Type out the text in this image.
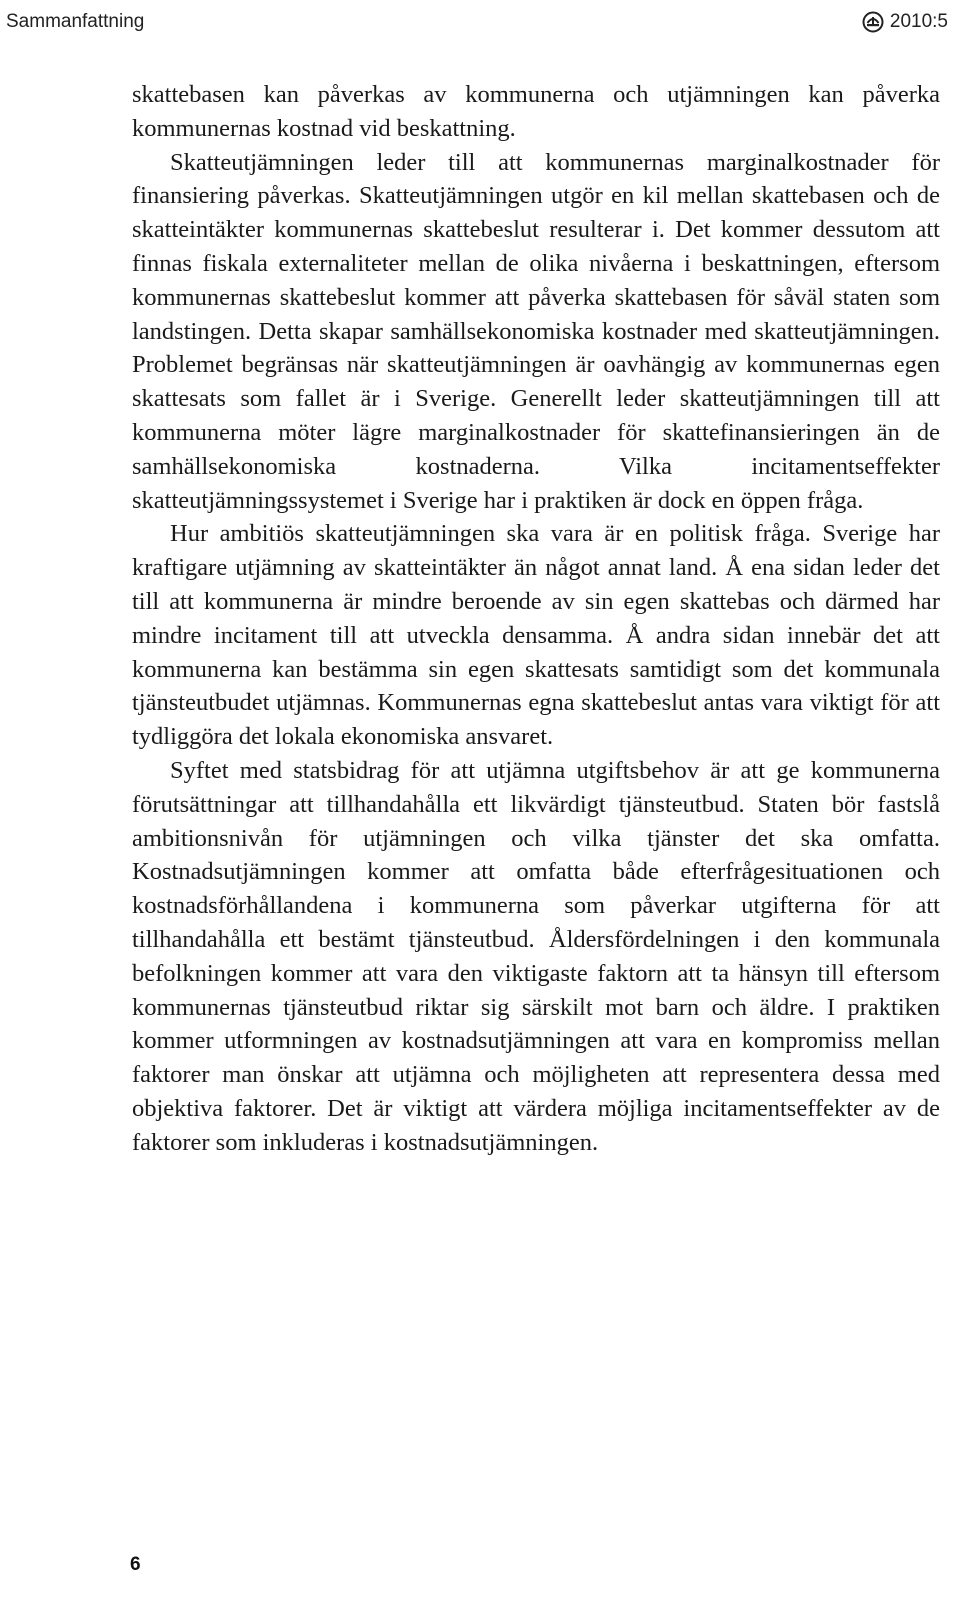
Sammanfattning	2010:5

skattebasen kan påverkas av kommunerna och utjämningen kan påverka kommunernas kostnad vid beskattning.

Skatteutjämningen leder till att kommunernas marginalkostnader för finansiering påverkas. Skatteutjämningen utgör en kil mellan skattebasen och de skatteintäkter kommunernas skattebeslut resulterar i. Det kommer dessutom att finnas fiskala externaliteter mellan de olika nivåerna i beskattningen, eftersom kommunernas skattebeslut kommer att påverka skattebasen för såväl staten som landstingen. Detta skapar samhällsekonomiska kostnader med skatteutjämningen. Problemet begränsas när skatteutjämningen är oavhängig av kommunernas egen skattesats som fallet är i Sverige. Generellt leder skatteutjämningen till att kommunerna möter lägre marginalkostnader för skattefinansieringen än de samhällsekonomiska kostnaderna. Vilka incitamentseffekter skatteutjämningssystemet i Sverige har i praktiken är dock en öppen fråga.

Hur ambitiös skatteutjämningen ska vara är en politisk fråga. Sverige har kraftigare utjämning av skatteintäkter än något annat land. Å ena sidan leder det till att kommunerna är mindre beroende av sin egen skattebas och därmed har mindre incitament till att utveckla densamma. Å andra sidan innebär det att kommunerna kan bestämma sin egen skattesats samtidigt som det kommunala tjänsteutbudet utjämnas. Kommunernas egna skattebeslut antas vara viktigt för att tydliggöra det lokala ekonomiska ansvaret.

Syftet med statsbidrag för att utjämna utgiftsbehov är att ge kommunerna förutsättningar att tillhandahålla ett likvärdigt tjänsteutbud. Staten bör fastslå ambitionsnivån för utjämningen och vilka tjänster det ska omfatta. Kostnadsutjämningen kommer att omfatta både efterfrågesituationen och kostnadsförhållandena i kommunerna som påverkar utgifterna för att tillhandahålla ett bestämt tjänsteutbud. Åldersfördelningen i den kommunala befolkningen kommer att vara den viktigaste faktorn att ta hänsyn till eftersom kommunernas tjänsteutbud riktar sig särskilt mot barn och äldre. I praktiken kommer utformningen av kostnadsutjämningen att vara en kompromiss mellan faktorer man önskar att utjämna och möjligheten att representera dessa med objektiva faktorer. Det är viktigt att värdera möjliga incitamentseffekter av de faktorer som inkluderas i kostnadsutjämningen.

6
